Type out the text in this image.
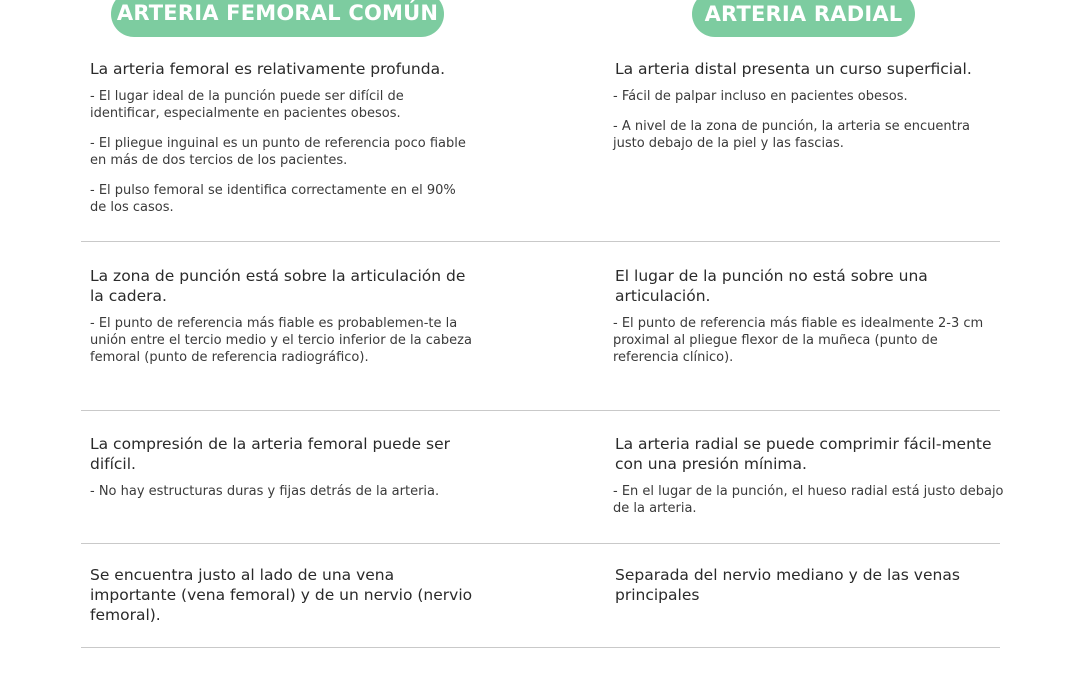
ARTERIA FEMORAL COMÚN	ARTERIA RADIAL

La arteria femoral es relativamente profunda.

- El lugar ideal de la punción puede ser difícil de identificar, especialmente en pacientes obesos.

- El pliegue inguinal es un punto de referencia poco fiable en más de dos tercios de los pacientes.

- El pulso femoral se identifica correctamente en el 90% de los casos.

La arteria distal presenta un curso superficial.

- Fácil de palpar incluso en pacientes obesos.

- A nivel de la zona de punción, la arteria se encuentra justo debajo de la piel y las fascias.

La zona de punción está sobre la articulación de la cadera.

- El punto de referencia más fiable es probablemen-te la unión entre el tercio medio y el tercio inferior de la cabeza femoral (punto de referencia radiográfico).

El lugar de la punción no está sobre una articulación.

- El punto de referencia más fiable es idealmente 2-3 cm proximal al pliegue flexor de la muñeca (punto de referencia clínico).

La compresión de la arteria femoral puede ser difícil.

- No hay estructuras duras y fijas detrás de la arteria.

La arteria radial se puede comprimir fácil-mente con una presión mínima.

- En el lugar de la punción, el hueso radial está justo debajo de la arteria.

Se encuentra justo al lado de una vena importante (vena femoral) y de un nervio (nervio femoral).

Separada del nervio mediano y de las venas principales
